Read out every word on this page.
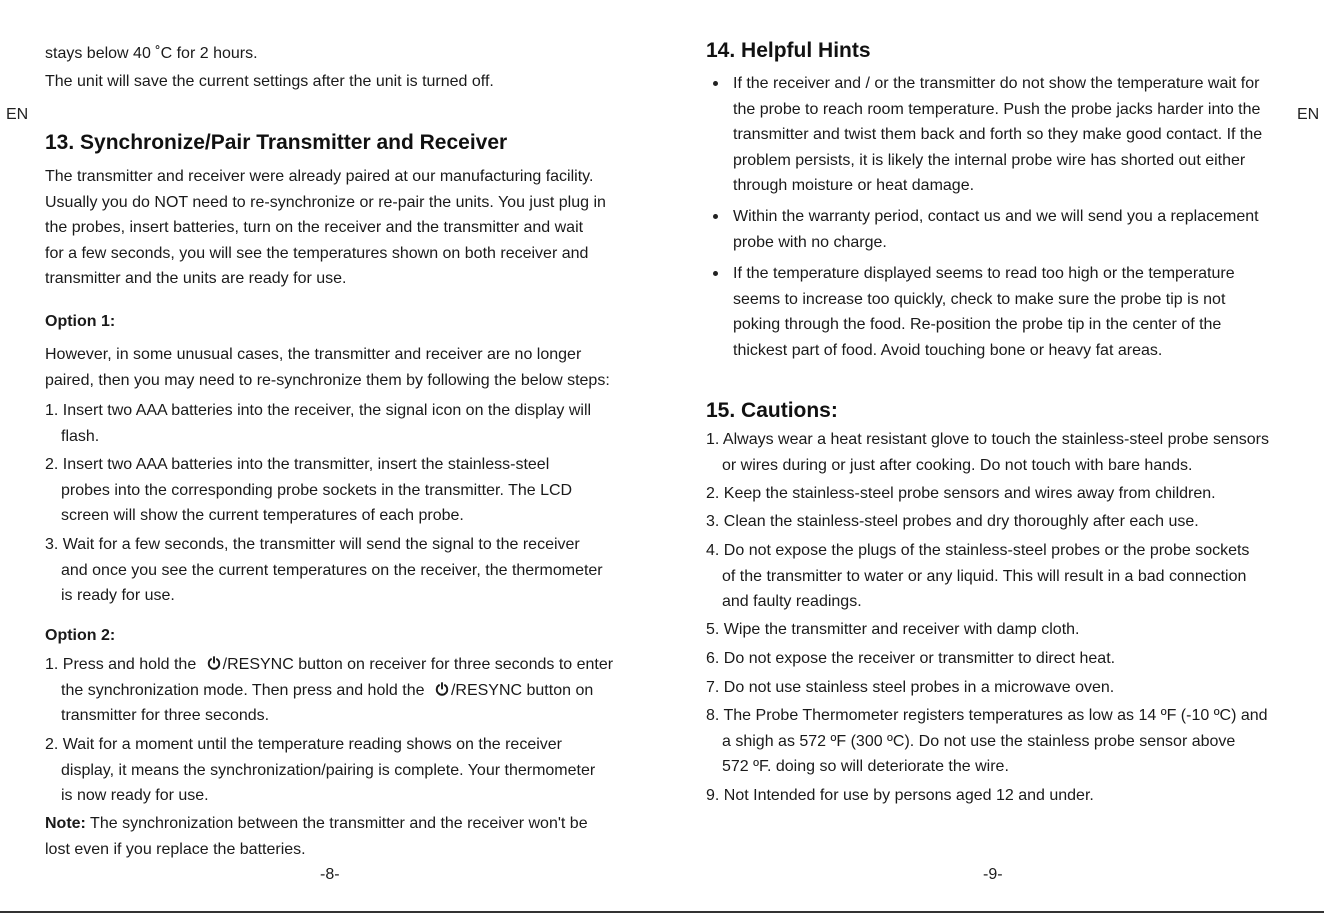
EN	EN
stays below 40 ˚C for 2 hours.
The unit will save the current settings after the unit is turned off.
13. Synchronize/Pair Transmitter and Receiver
The transmitter and receiver were already paired at our manufacturing facility.
Usually you do NOT need to re-synchronize or re-pair the units. You just plug in
the probes, insert batteries, turn on the receiver and the transmitter and wait
for a few seconds, you will see the temperatures shown on both receiver and
transmitter and the units are ready for use.
Option 1:
However, in some unusual cases, the transmitter and receiver are no longer
paired, then you may need to re-synchronize them by following the below steps:
1. Insert two AAA batteries into the receiver, the signal icon on the display will
flash.
2. Insert two AAA batteries into the transmitter, insert the stainless-steel
probes into the corresponding probe sockets in the transmitter. The LCD
screen will show the current temperatures of each probe.
3. Wait for a few seconds, the transmitter will send the signal to the receiver
and once you see the current temperatures on the receiver, the thermometer
is ready for use.
Option 2:
1. Press and hold the /RESYNC button on receiver for three seconds to enter
the synchronization mode. Then press and hold the /RESYNC button on
transmitter for three seconds.
2. Wait for a moment until the temperature reading shows on the receiver
display, it means the synchronization/pairing is complete. Your thermometer
is now ready for use.
Note: The synchronization between the transmitter and the receiver won't be
lost even if you replace the batteries.
-8-
14. Helpful Hints
If the receiver and / or the transmitter do not show the temperature wait for
the probe to reach room temperature. Push the probe jacks harder into the
transmitter and twist them back and forth so they make good contact. If the
problem persists, it is likely the internal probe wire has shorted out either
through moisture or heat damage.
Within the warranty period, contact us and we will send you a replacement
probe with no charge.
If the temperature displayed seems to read too high or the temperature
seems to increase too quickly, check to make sure the probe tip is not
poking through the food. Re-position the probe tip in the center of the
thickest part of food. Avoid touching bone or heavy fat areas.
15. Cautions:
1. Always wear a heat resistant glove to touch the stainless-steel probe sensors
or wires during or just after cooking. Do not touch with bare hands.
2. Keep the stainless-steel probe sensors and wires away from children.
3. Clean the stainless-steel probes and dry thoroughly after each use.
4. Do not expose the plugs of the stainless-steel probes or the probe sockets
of the transmitter to water or any liquid. This will result in a bad connection
and faulty readings.
5. Wipe the transmitter and receiver with damp cloth.
6. Do not expose the receiver or transmitter to direct heat.
7. Do not use stainless steel probes in a microwave oven.
8. The Probe Thermometer registers temperatures as low as 14 ºF (-10 ºC) and
a shigh as 572 ºF (300 ºC). Do not use the stainless probe sensor above
572 ºF. doing so will deteriorate the wire.
9. Not Intended for use by persons aged 12 and under.
-9-
